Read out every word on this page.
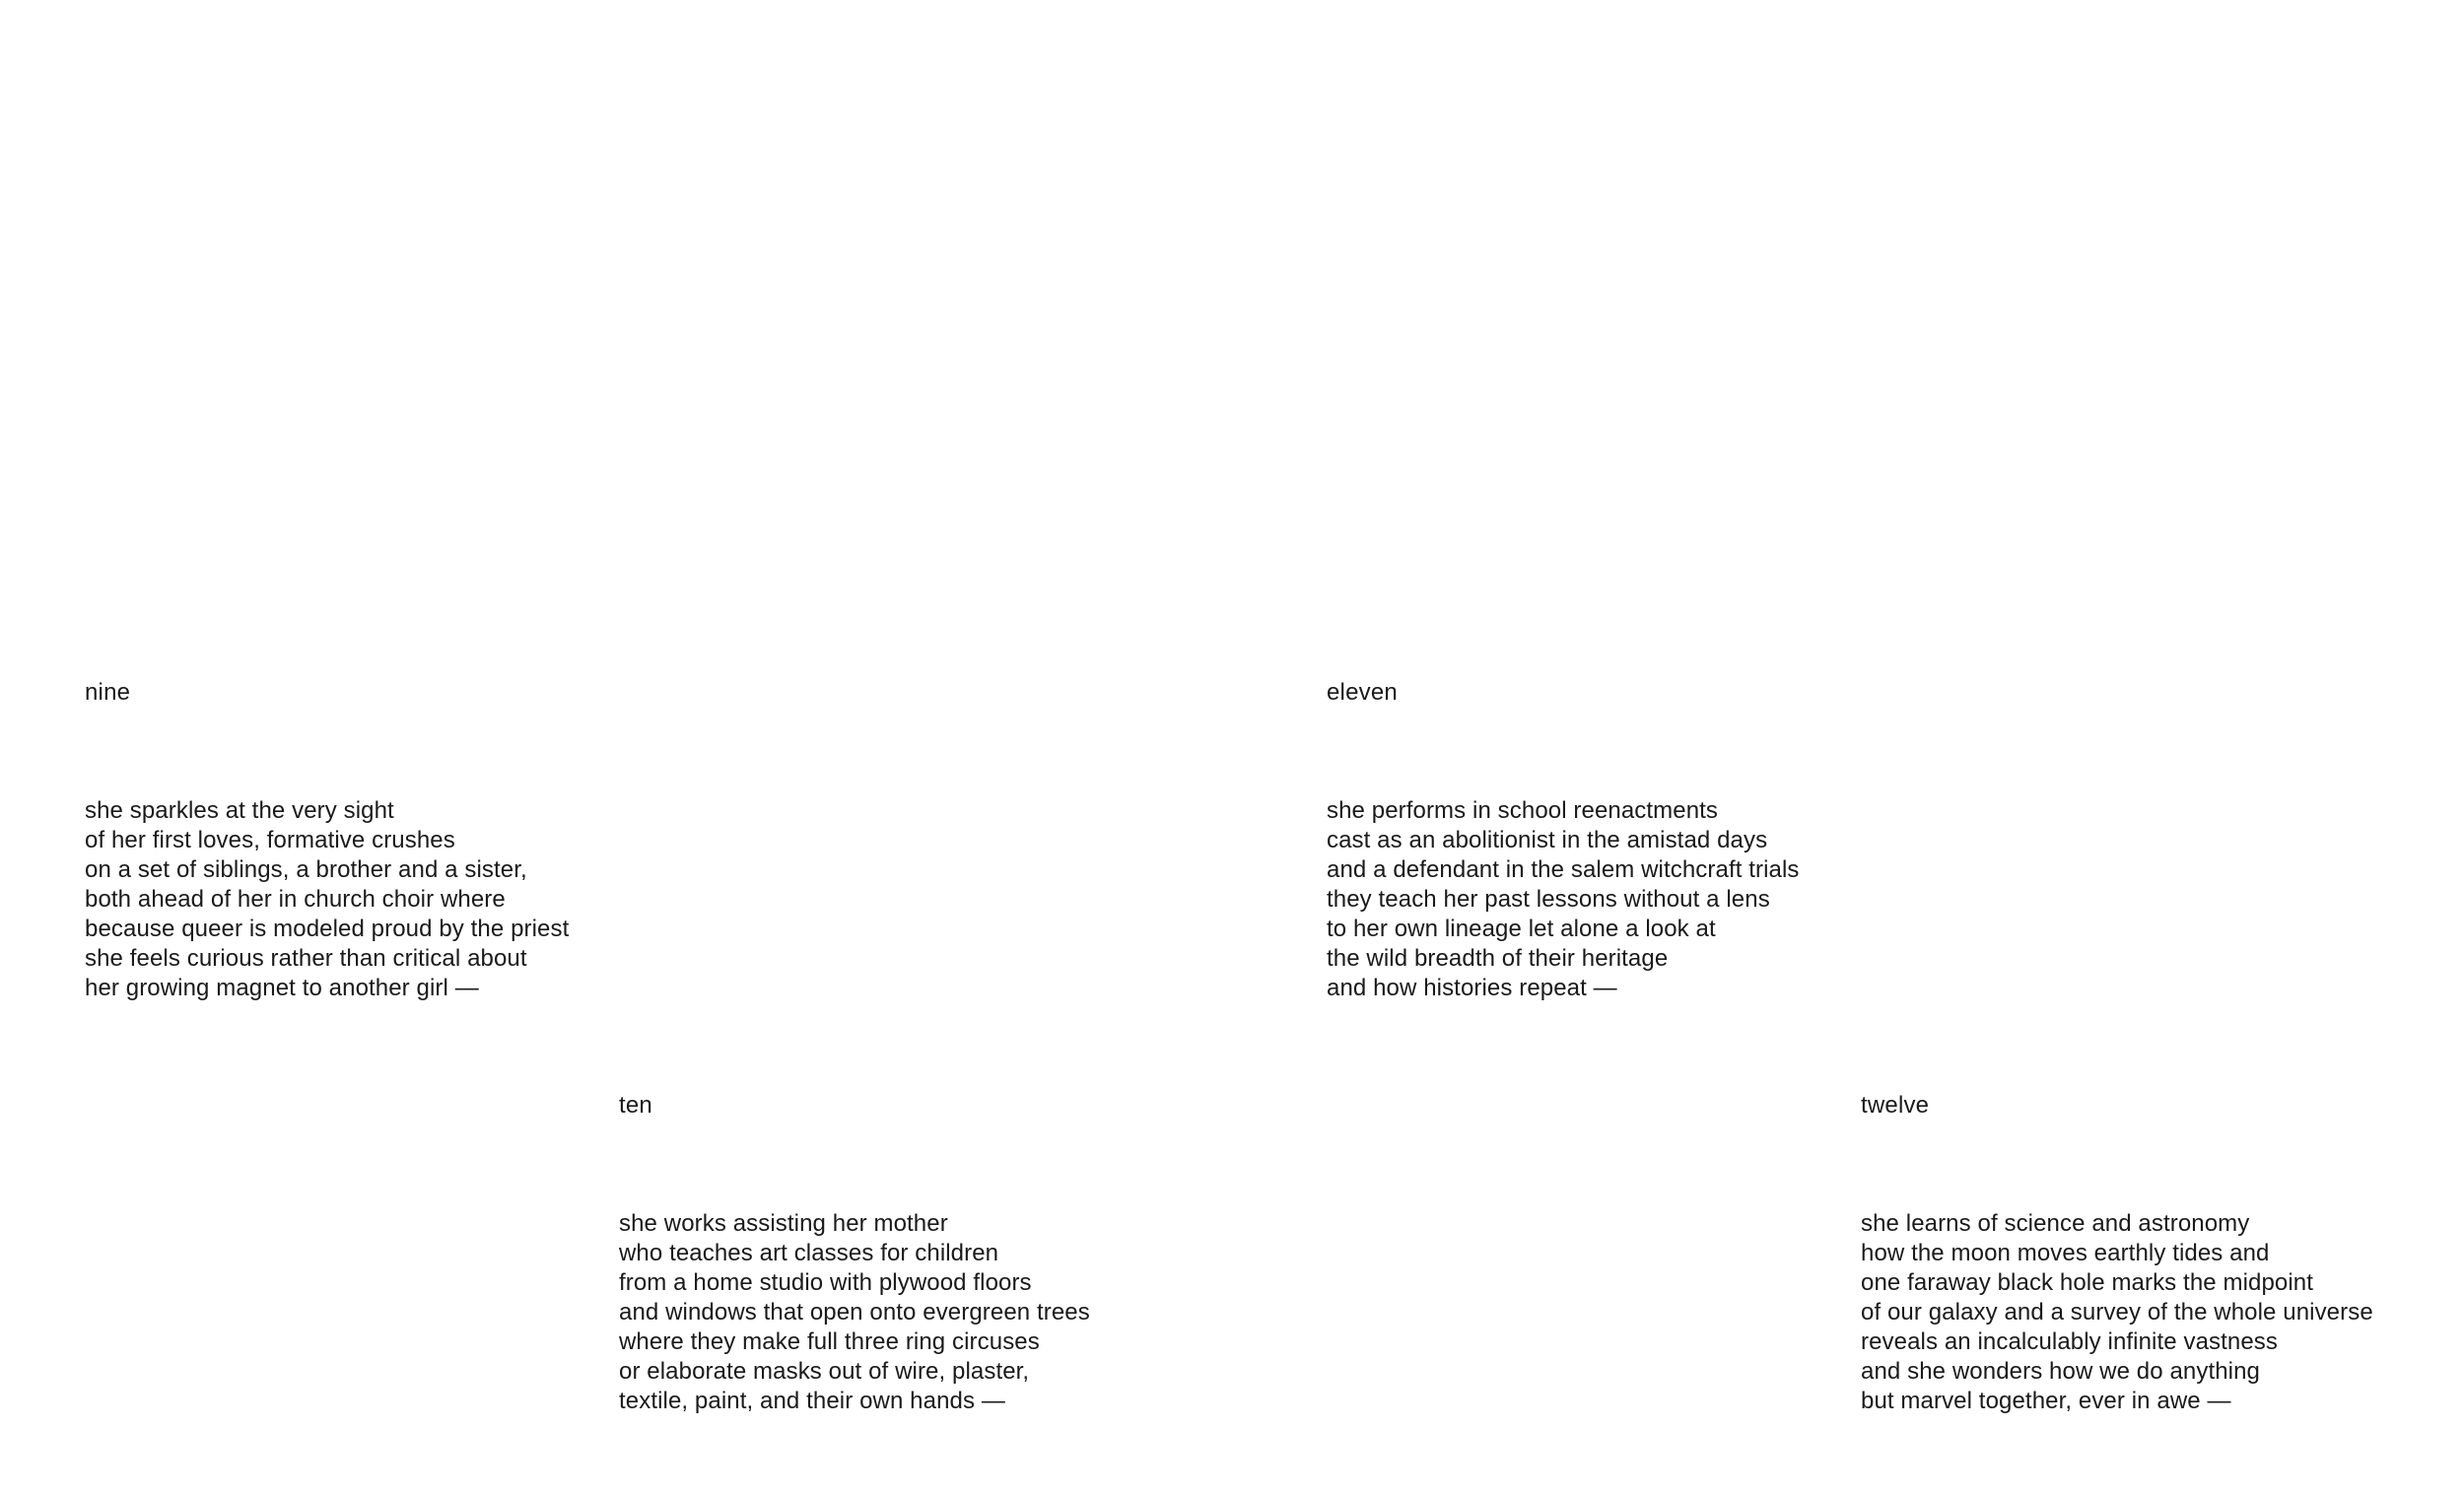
nine
she sparkles at the very sight
of her first loves, formative crushes
on a set of siblings, a brother and a sister,
both ahead of her in church choir where
because queer is modeled proud by the priest
she feels curious rather than critical about
her growing magnet to another girl —
eleven
she performs in school reenactments
cast as an abolitionist in the amistad days
and a defendant in the salem witchcraft trials
they teach her past lessons without a lens
to her own lineage let alone a look at
the wild breadth of their heritage
and how histories repeat —
ten
she works assisting her mother
who teaches art classes for children
from a home studio with plywood floors
and windows that open onto evergreen trees
where they make full three ring circuses
or elaborate masks out of wire, plaster,
textile, paint, and their own hands —
twelve
she learns of science and astronomy
how the moon moves earthly tides and
one faraway black hole marks the midpoint
of our galaxy and a survey of the whole universe
reveals an incalculably infinite vastness
and she wonders how we do anything
but marvel together, ever in awe —
